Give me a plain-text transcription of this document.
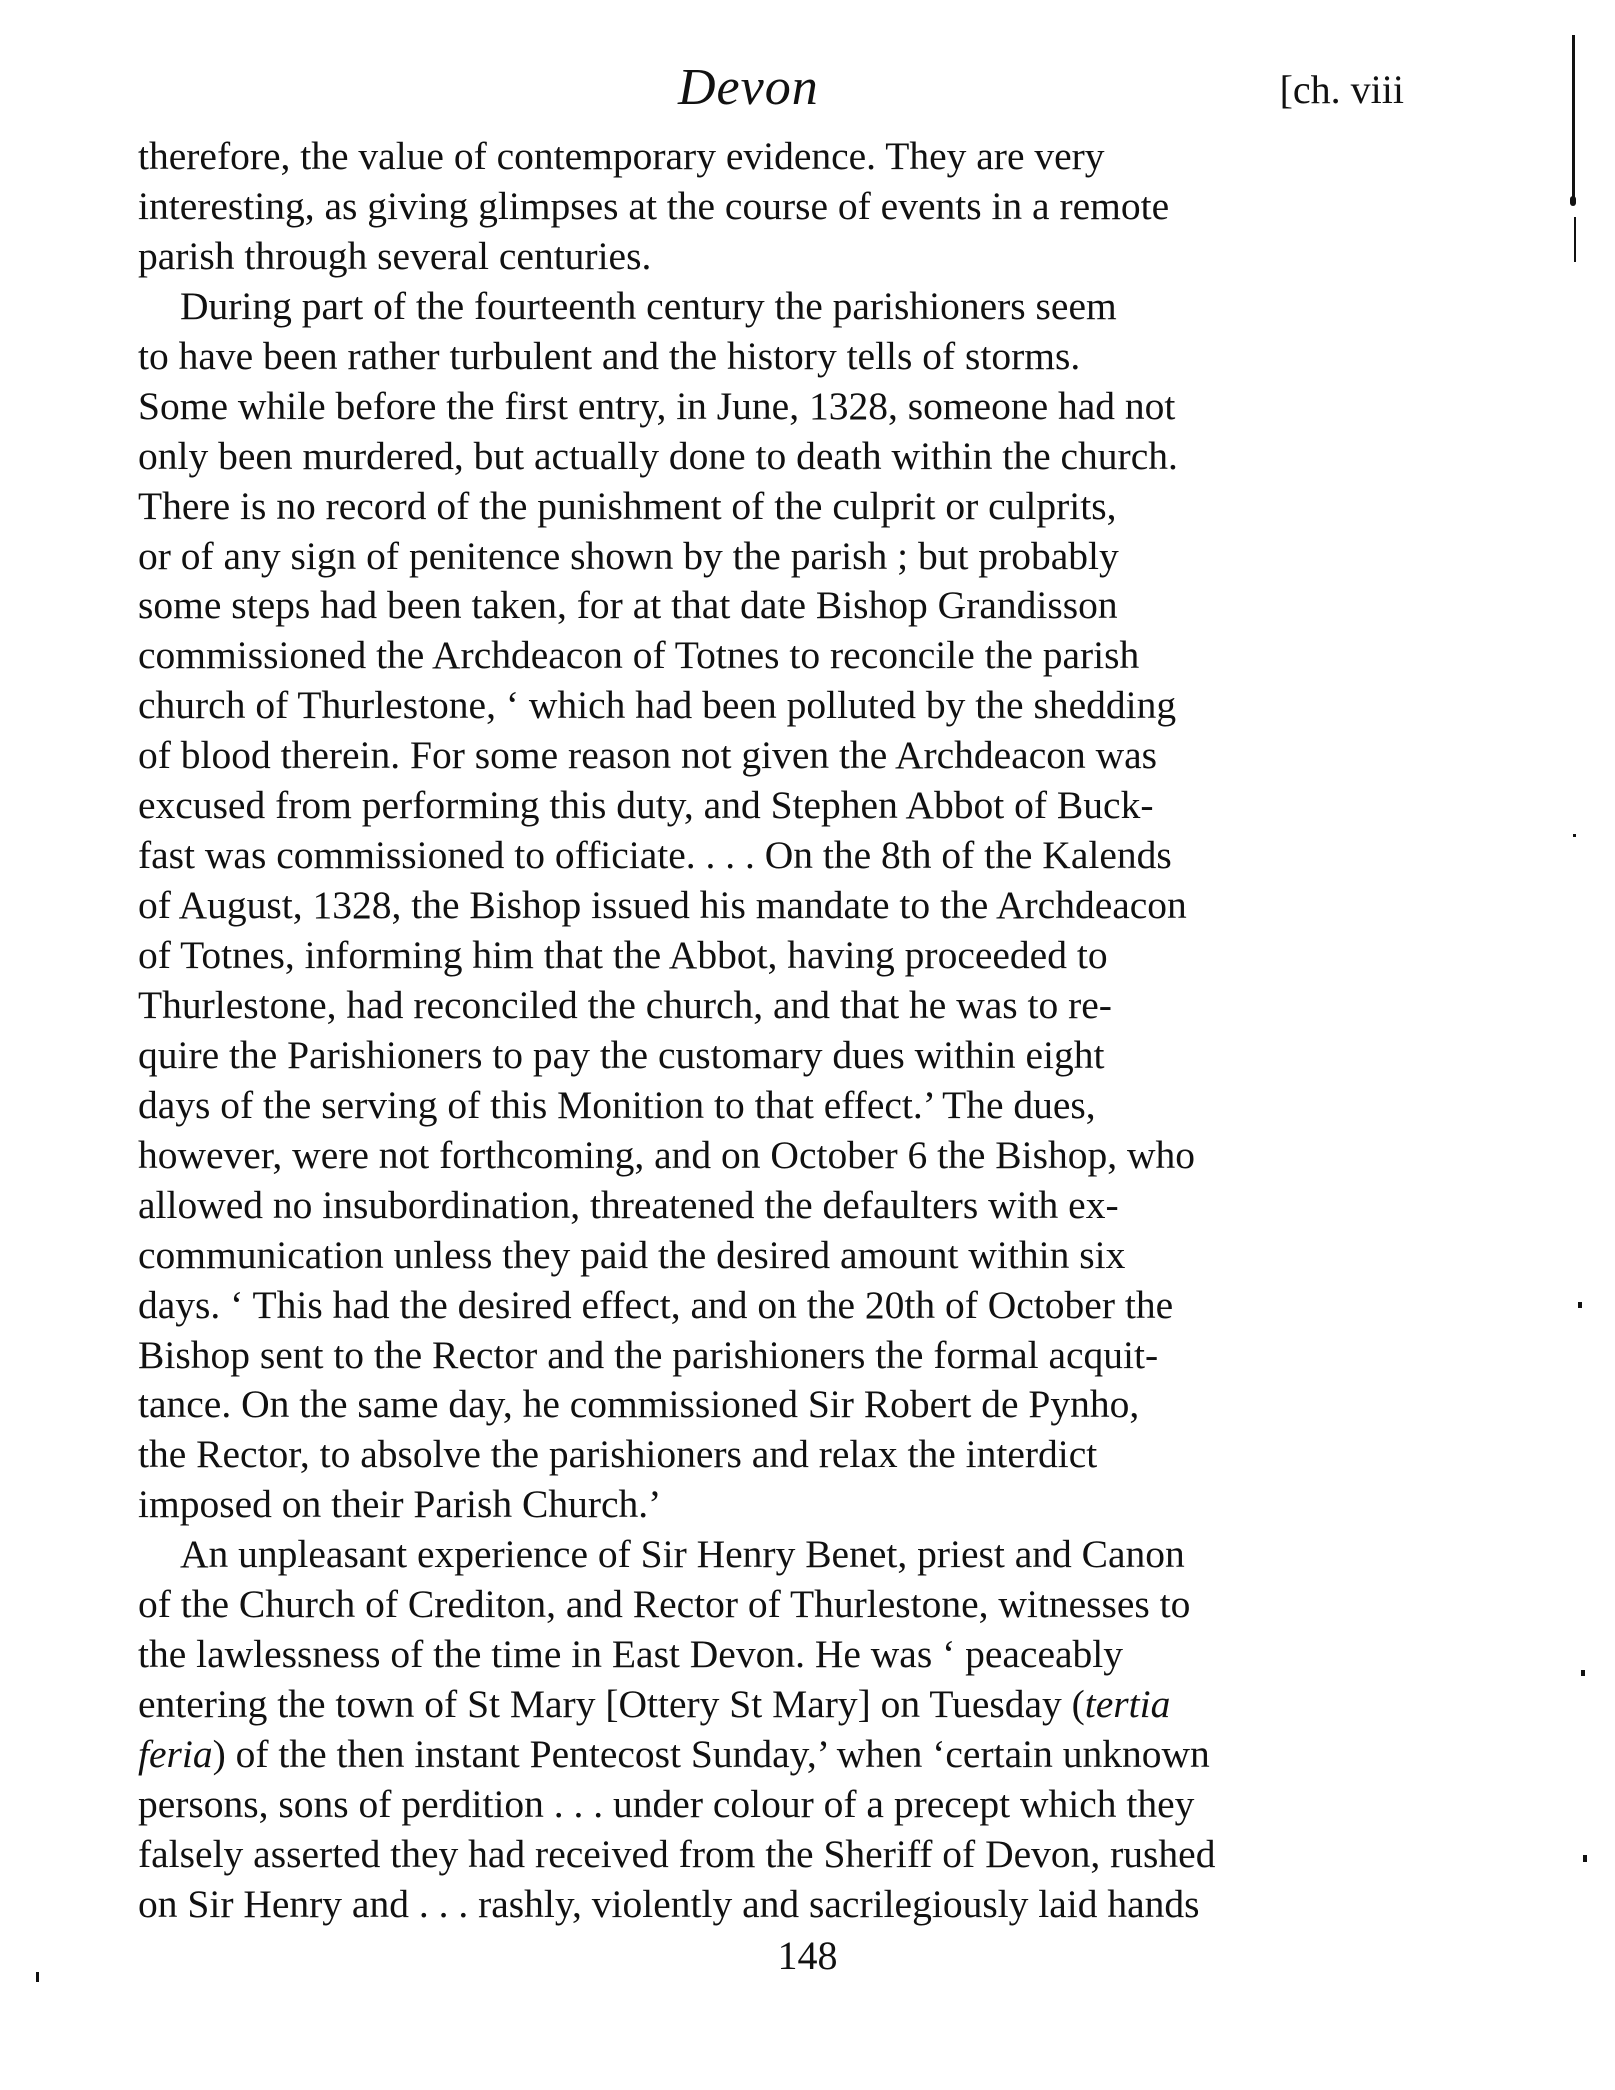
Devon	[ch. viii
therefore, the value of contemporary evidence. They are very
interesting, as giving glimpses at the course of events in a remote
parish through several centuries.
During part of the fourteenth century the parishioners seem
to have been rather turbulent and the history tells of storms.
Some while before the first entry, in June, 1328, someone had not
only been murdered, but actually done to death within the church.
There is no record of the punishment of the culprit or culprits,
or of any sign of penitence shown by the parish ; but probably
some steps had been taken, for at that date Bishop Grandisson
commissioned the Archdeacon of Totnes to reconcile the parish
church of Thurlestone, ‘ which had been polluted by the shedding
of blood therein. For some reason not given the Archdeacon was
excused from performing this duty, and Stephen Abbot of Buck-
fast was commissioned to officiate. . . . On the 8th of the Kalends
of August, 1328, the Bishop issued his mandate to the Archdeacon
of Totnes, informing him that the Abbot, having proceeded to
Thurlestone, had reconciled the church, and that he was to re-
quire the Parishioners to pay the customary dues within eight
days of the serving of this Monition to that effect.’ The dues,
however, were not forthcoming, and on October 6 the Bishop, who
allowed no insubordination, threatened the defaulters with ex-
communication unless they paid the desired amount within six
days. ‘ This had the desired effect, and on the 20th of October the
Bishop sent to the Rector and the parishioners the formal acquit-
tance. On the same day, he commissioned Sir Robert de Pynho,
the Rector, to absolve the parishioners and relax the interdict
imposed on their Parish Church.’
An unpleasant experience of Sir Henry Benet, priest and Canon
of the Church of Crediton, and Rector of Thurlestone, witnesses to
the lawlessness of the time in East Devon. He was ‘ peaceably
entering the town of St Mary [Ottery St Mary] on Tuesday (tertia
feria) of the then instant Pentecost Sunday,’ when ‘certain unknown
persons, sons of perdition . . . under colour of a precept which they
falsely asserted they had received from the Sheriff of Devon, rushed
on Sir Henry and . . . rashly, violently and sacrilegiously laid hands
148
